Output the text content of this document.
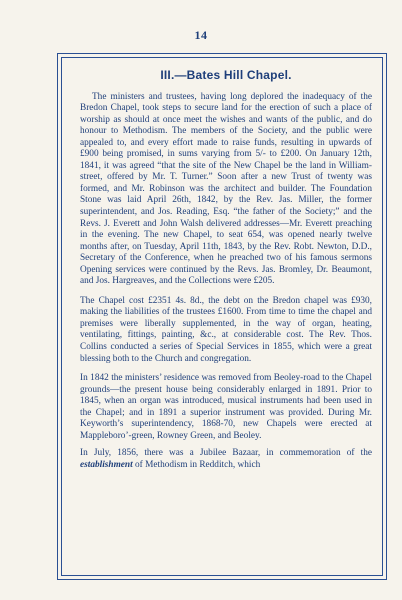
14
III.—Bates Hill Chapel.

The ministers and trustees, having long deplored the inadequacy of the Bredon Chapel, took steps to secure land for the erection of such a place of worship as should at once meet the wishes and wants of the public, and do honour to Methodism. The members of the Society, and the public were appealed to, and every effort made to raise funds, resulting in upwards of £900 being promised, in sums varying from 5/- to £200. On January 12th, 1841, it was agreed “that the site of the New Chapel be the land in William-street, offered by Mr. T. Turner.” Soon after a new Trust of twenty was formed, and Mr. Robinson was the architect and builder. The Foundation Stone was laid April 26th, 1842, by the Rev. Jas. Miller, the former superintendent, and Jos. Reading, Esq. “the father of the Society;” and the Revs. J. Everett and John Walsh delivered addresses—Mr. Everett preaching in the evening. The new Chapel, to seat 654, was opened nearly twelve months after, on Tuesday, April 11th, 1843, by the Rev. Robt. Newton, D.D., Secretary of the Conference, when he preached two of his famous sermons Opening services were continued by the Revs. Jas. Bromley, Dr. Beaumont, and Jos. Hargreaves, and the Collections were £205.

The Chapel cost £2351 4s. 8d., the debt on the Bredon chapel was £930, making the liabilities of the trustees £1600. From time to time the chapel and premises were liberally supplemented, in the way of organ, heating, ventilating, fittings, painting, &c., at considerable cost. The Rev. Thos. Collins conducted a series of Special Services in 1855, which were a great blessing both to the Church and congregation.

In 1842 the ministers’ residence was removed from Beoley-road to the Chapel grounds—the present house being considerably enlarged in 1891. Prior to 1845, when an organ was introduced, musical instruments had been used in the Chapel; and in 1891 a superior instrument was provided. During Mr. Keyworth’s superintendency, 1868-70, new Chapels were erected at Mappleboro’-green, Rowney Green, and Beoley.

In July, 1856, there was a Jubilee Bazaar, in commemoration of the establishment of Methodism in Redditch, which
